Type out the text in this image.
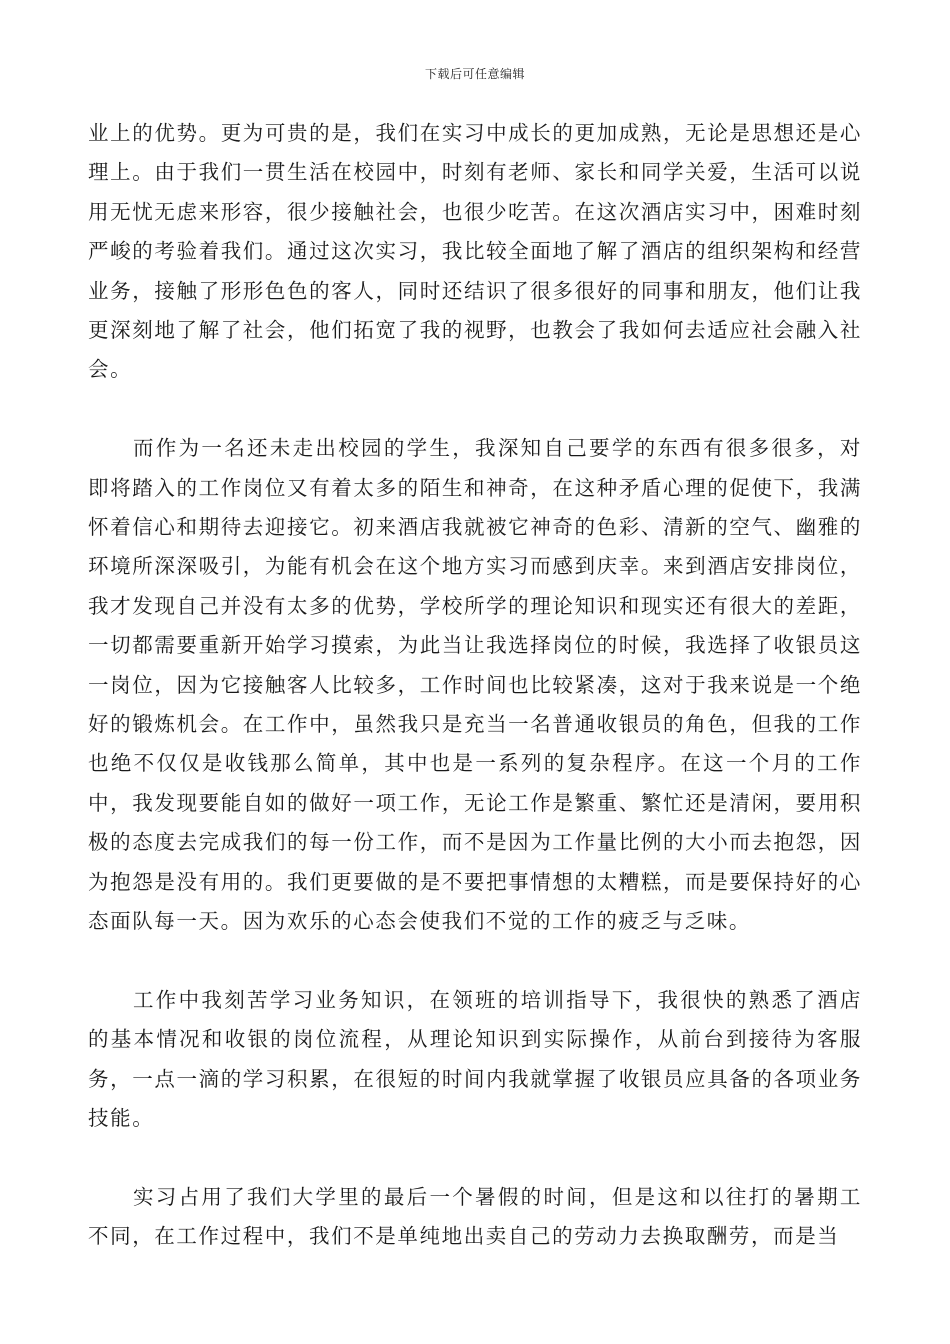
下载后可任意编辑

业上的优势。更为可贵的是，我们在实习中成长的更加成熟，无论是思想还是心理上。由于我们一贯生活在校园中，时刻有老师、家长和同学关爱，生活可以说用无忧无虑来形容，很少接触社会，也很少吃苦。在这次酒店实习中，困难时刻严峻的考验着我们。通过这次实习，我比较全面地了解了酒店的组织架构和经营业务，接触了形形色色的客人，同时还结识了很多很好的同事和朋友，他们让我更深刻地了解了社会，他们拓宽了我的视野，也教会了我如何去适应社会融入社会。

而作为一名还未走出校园的学生，我深知自己要学的东西有很多很多，对即将踏入的工作岗位又有着太多的陌生和神奇，在这种矛盾心理的促使下，我满怀着信心和期待去迎接它。初来酒店我就被它神奇的色彩、清新的空气、幽雅的环境所深深吸引，为能有机会在这个地方实习而感到庆幸。来到酒店安排岗位，我才发现自己并没有太多的优势，学校所学的理论知识和现实还有很大的差距，一切都需要重新开始学习摸索，为此当让我选择岗位的时候，我选择了收银员这一岗位，因为它接触客人比较多，工作时间也比较紧凑，这对于我来说是一个绝好的锻炼机会。在工作中，虽然我只是充当一名普通收银员的角色，但我的工作也绝不仅仅是收钱那么简单，其中也是一系列的复杂程序。在这一个月的工作中，我发现要能自如的做好一项工作，无论工作是繁重、繁忙还是清闲，要用积极的态度去完成我们的每一份工作，而不是因为工作量比例的大小而去抱怨，因为抱怨是没有用的。我们更要做的是不要把事情想的太糟糕，而是要保持好的心态面队每一天。因为欢乐的心态会使我们不觉的工作的疲乏与乏味。

工作中我刻苦学习业务知识，在领班的培训指导下，我很快的熟悉了酒店的基本情况和收银的岗位流程，从理论知识到实际操作，从前台到接待为客服务，一点一滴的学习积累，在很短的时间内我就掌握了收银员应具备的各项业务技能。

实习占用了我们大学里的最后一个暑假的时间，但是这和以往打的暑期工不同，在工作过程中，我们不是单纯地出卖自己的劳动力去换取酬劳，而是当
